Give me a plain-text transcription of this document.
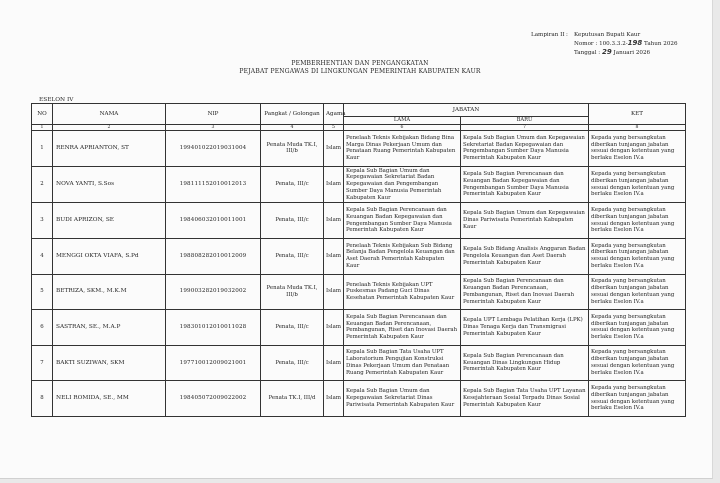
Lampiran II :	Keputusan Bupati Kaur
Nomor : 100.3.3.2-198 Tahun 2026
Tanggal : 29 Januari 2026
PEMBERHENTIAN DAN PENGANGKATAN
PEJABAT PENGAWAS DI LINGKUNGAN PEMERINTAH KABUPATEN KAUR
ESELON IV
NO	NAMA	NIP	Pangkat / Golongan	Agama	JABATAN		KET
					LAMA	BARU	
1	2	3	4	5	6	7	8
1	RENRA APRIANTON, ST	199401022019031004	Penata Muda TK.I, III/b	Islam	Penelaah Teknis Kebijakan Bidang Bina Marga Dinas Pekerjaan Umum dan Penataan Ruang Pemerintah Kabupaten Kaur	Kepala Sub Bagian Umum dan Kepegawaian Sekretariat Badan Kepegawaian dan Pengembangan Sumber Daya Manusia Pemerintah Kabupaten Kaur	Kepada yang bersangkutan diberikan tunjangan jabatan sesuai dengan ketentuan yang berlaku Eselon IV.a
2	NOVA YANTI, S.Sos	198111152010012013	Penata, III/c	Islam	Kepala Sub Bagian Umum dan Kepegawaian Sekretariat Badan Kepegawaian dan Pengembangan Sumber Daya Manusia Pemerintah Kabupaten Kaur	Kepala Sub Bagian Perencanaan dan Keuangan Badan Kepegawaian dan Pengembangan Sumber Daya Manusia Pemerintah Kabupaten Kaur	Kepada yang bersangkutan diberikan tunjangan jabatan sesuai dengan ketentuan yang berlaku Eselon IV.a
3	BUDI APRIZON, SE	198406032010011001	Penata, III/c	Islam	Kepala Sub Bagian Perencanaan dan Keuangan Badan Kepegawaian dan Pengembangan Sumber Daya Manusia Pemerintah Kabupaten Kaur	Kepala Sub Bagian Umum dan Kepegawaian Dinas Pariwisata Pemerintah Kabupaten Kaur	Kepada yang bersangkutan diberikan tunjangan jabatan sesuai dengan ketentuan yang berlaku Eselon IV.a
4	MENGGI OKTA VIAFA, S.Pd	198808282010012009	Penata, III/c	Islam	Penelaah Teknis Kebijakan Sub Bidang Belanja Badan Pengelola Keuangan dan Aset Daerah Pemerintah Kabupaten Kaur	Kepala Sub Bidang Analisis Anggaran Badan Pengelola Keuangan dan Aset Daerah Pemerintah Kabupaten Kaur	Kepada yang bersangkutan diberikan tunjangan jabatan sesuai dengan ketentuan yang berlaku Eselon IV.a
5	BETRIZA, SKM., M.K.M	199003282019032002	Penata Muda TK.I, III/b	Islam	Penelaah Teknis Kebijakan UPT Puskesmas Padang Guci Dinas Kesehatan Pemerintah Kabupaten Kaur	Kepala Sub Bagian Perencanaan dan Keuangan Badan Perencanaan, Pembangunan, Riset dan Inovasi Daerah Pemerintah Kabupaten Kaur	Kepada yang bersangkutan diberikan tunjangan jabatan sesuai dengan ketentuan yang berlaku Eselon IV.a
6	SASTRAN, SE., M.A.P	198301012010011028	Penata, III/c	Islam	Kepala Sub Bagian Perencanaan dan Keuangan Badan Perencanaan, Pembangunan, Riset dan Inovasi Daerah Pemerintah Kabupaten Kaur	Kepala UPT Lembaga Pelatihan Kerja (LPK) Dinas Tenaga Kerja dan Transmigrasi Pemerintah Kabupaten Kaur	Kepada yang bersangkutan diberikan tunjangan jabatan sesuai dengan ketentuan yang berlaku Eselon IV.a
7	BAKTI SUZIWAN, SKM	197710012009021001	Penata, III/c	Islam	Kepala Sub Bagian Tata Usaha UPT Laboratorium Pengujian Konstruksi Dinas Pekerjaan Umum dan Penataan Ruang Pemerintah Kabupaten Kaur	Kepala Sub Bagian Perencanaan dan Keuangan Dinas Lingkungan Hidup Pemerintah Kabupaten Kaur	Kepada yang bersangkutan diberikan tunjangan jabatan sesuai dengan ketentuan yang berlaku Eselon IV.a
8	NELI ROMIDA, SE., MM	198405072009022002	Penata TK.I, III/d	Islam	Kepala Sub Bagian Umum dan Kepegawaian Sekretariat Dinas Pariwisata Pemerintah Kabupaten Kaur	Kepala Sub Bagian Tata Usaha UPT Layanan Kesejahteraan Sosial Terpadu Dinas Sosial Pemerintah Kabupaten Kaur	Kepada yang bersangkutan diberikan tunjangan jabatan sesuai dengan ketentuan yang berlaku Eselon IV.a
